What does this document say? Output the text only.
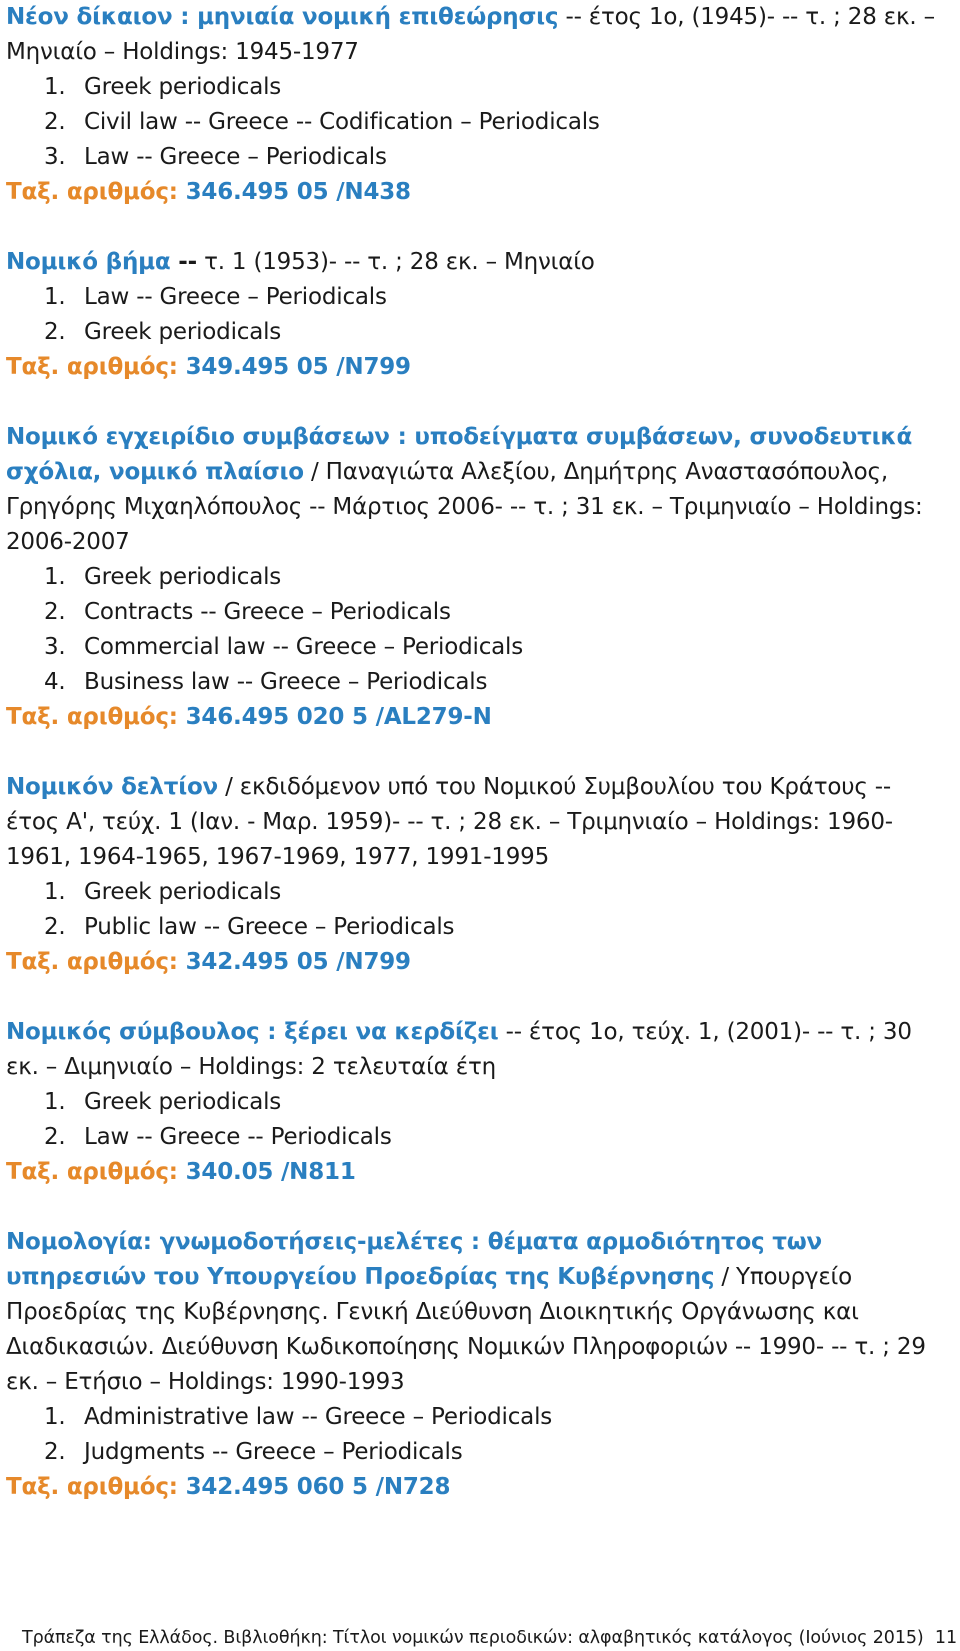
Νέον δίκαιον : μηνιαία νομική επιθεώρησις -- έτος 1ο, (1945)- -- τ. ; 28 εκ. – Μηνιαίο – Holdings: 1945-1977

1. Greek periodicals
2. Civil law -- Greece -- Codification – Periodicals
3. Law -- Greece – Periodicals
Ταξ. αριθμός: 346.495 05 /Ν438

Νομικό βήμα -- τ. 1 (1953)- -- τ. ; 28 εκ. – Μηνιαίο

1. Law -- Greece – Periodicals
2. Greek periodicals
Ταξ. αριθμός: 349.495 05 /Ν799

Νομικό εγχειρίδιο συμβάσεων : υποδείγματα συμβάσεων, συνοδευτικά σχόλια, νομικό πλαίσιο / Παναγιώτα Αλεξίου, Δημήτρης Αναστασόπουλος, Γρηγόρης Μιχαηλόπουλος -- Μάρτιος 2006- -- τ. ; 31 εκ. – Τριμηνιαίο – Holdings: 2006-2007

1. Greek periodicals
2. Contracts -- Greece – Periodicals
3. Commercial law -- Greece – Periodicals
4. Business law -- Greece – Periodicals
Ταξ. αριθμός: 346.495 020 5 /AL279-N

Νομικόν δελτίον / εκδιδόμενον υπό του Νομικού Συμβουλίου του Κράτους -- έτος Α', τεύχ. 1 (Ιαν. - Μαρ. 1959)- -- τ. ; 28 εκ. – Τριμηνιαίο – Holdings: 1960-1961, 1964-1965, 1967-1969, 1977, 1991-1995

1. Greek periodicals
2. Public law -- Greece – Periodicals
Ταξ. αριθμός: 342.495 05 /Ν799

Νομικός σύμβουλος : ξέρει να κερδίζει -- έτος 1ο, τεύχ. 1, (2001)- -- τ. ; 30 εκ. – Διμηνιαίο – Holdings: 2 τελευταία έτη

1. Greek periodicals
2. Law -- Greece -- Periodicals
Ταξ. αριθμός: 340.05 /Ν811

Νομολογία: γνωμοδοτήσεις-μελέτες : θέματα αρμοδιότητος των υπηρεσιών του Υπουργείου Προεδρίας της Κυβέρνησης / Υπουργείο Προεδρίας της Κυβέρνησης. Γενική Διεύθυνση Διοικητικής Οργάνωσης και Διαδικασιών. Διεύθυνση Κωδικοποίησης Νομικών Πληροφοριών -- 1990- -- τ. ; 29 εκ. – Ετήσιο – Holdings: 1990-1993

1. Administrative law -- Greece – Periodicals
2. Judgments -- Greece – Periodicals
Ταξ. αριθμός: 342.495 060 5 /Ν728
Τράπεζα της Ελλάδος. Βιβλιοθήκη: Τίτλοι νομικών περιοδικών: αλφαβητικός κατάλογος (Ιούνιος 2015) 11
